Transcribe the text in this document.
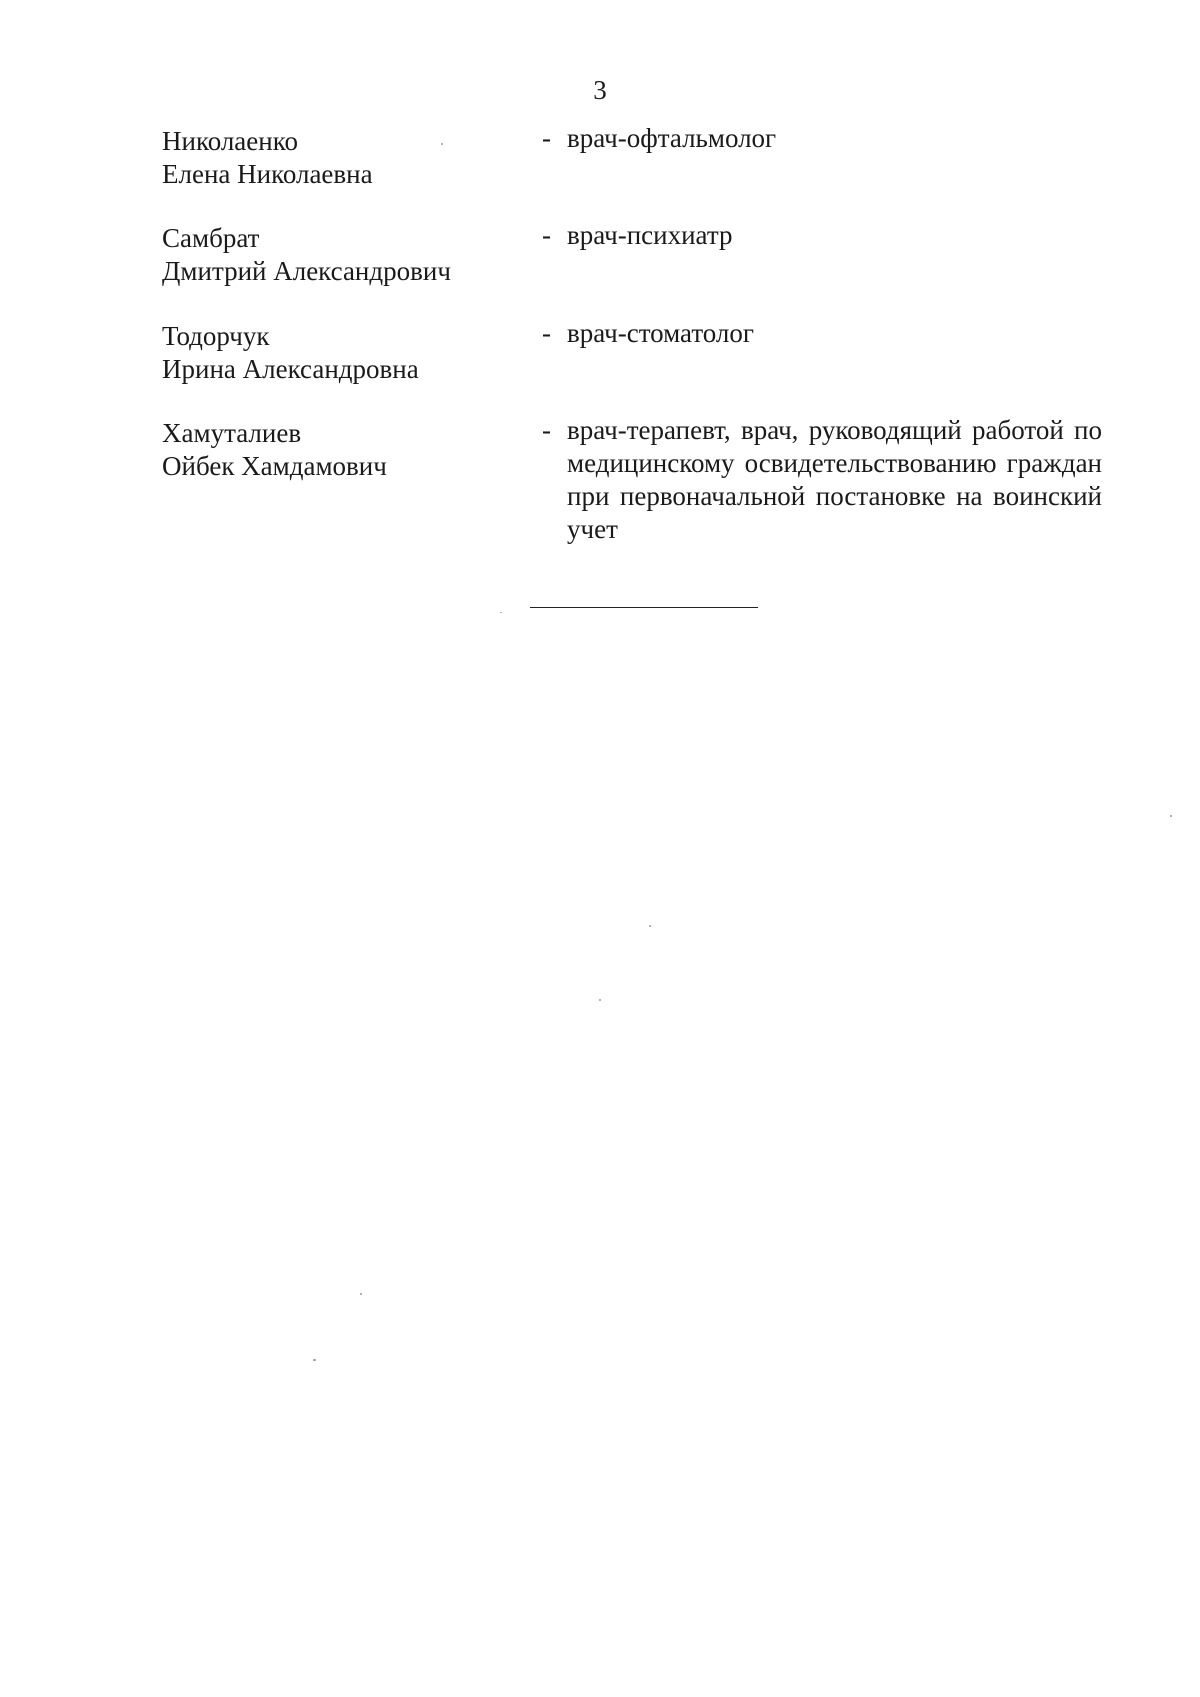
3
Николаенко
Елена Николаевна
- врач-офтальмолог
Самбрат
Дмитрий Александрович
- врач-психиатр
Тодорчук
Ирина Александровна
- врач-стоматолог
Хамуталиев
Ойбек Хамдамович
- врач-терапевт, врач, руководящий работой по медицинскому освидетельствованию граждан при первоначальной постановке на воинский учет
